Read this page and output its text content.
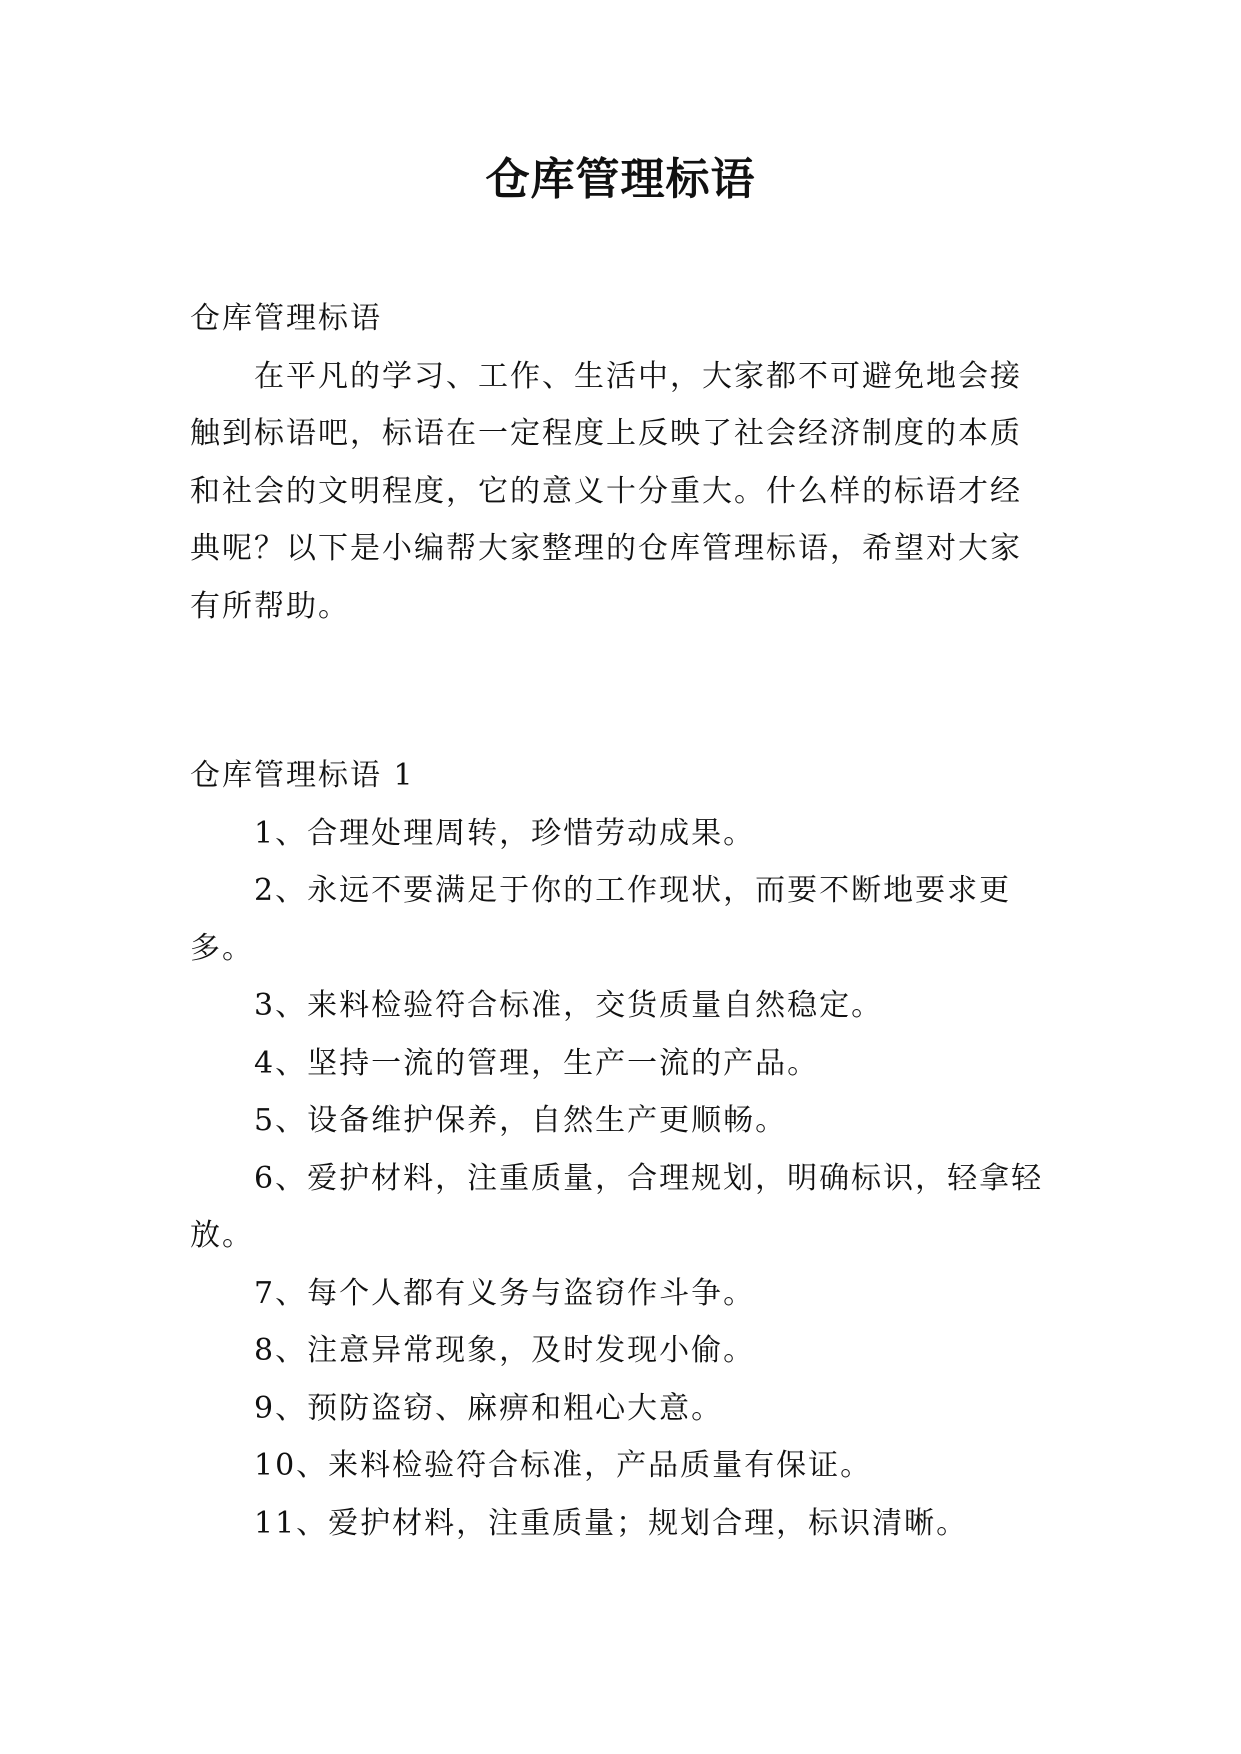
仓库管理标语

仓库管理标语

在平凡的学习、工作、生活中，大家都不可避免地会接触到标语吧，标语在一定程度上反映了社会经济制度的本质和社会的文明程度，它的意义十分重大。什么样的标语才经典呢？以下是小编帮大家整理的仓库管理标语，希望对大家有所帮助。

仓库管理标语 1

1、合理处理周转，珍惜劳动成果。

2、永远不要满足于你的工作现状，而要不断地要求更多。

3、来料检验符合标准，交货质量自然稳定。

4、坚持一流的管理，生产一流的产品。

5、设备维护保养，自然生产更顺畅。

6、爱护材料，注重质量，合理规划，明确标识，轻拿轻放。

7、每个人都有义务与盗窃作斗争。

8、注意异常现象，及时发现小偷。

9、预防盗窃、麻痹和粗心大意。

10、来料检验符合标准，产品质量有保证。

11、爱护材料，注重质量；规划合理，标识清晰。
